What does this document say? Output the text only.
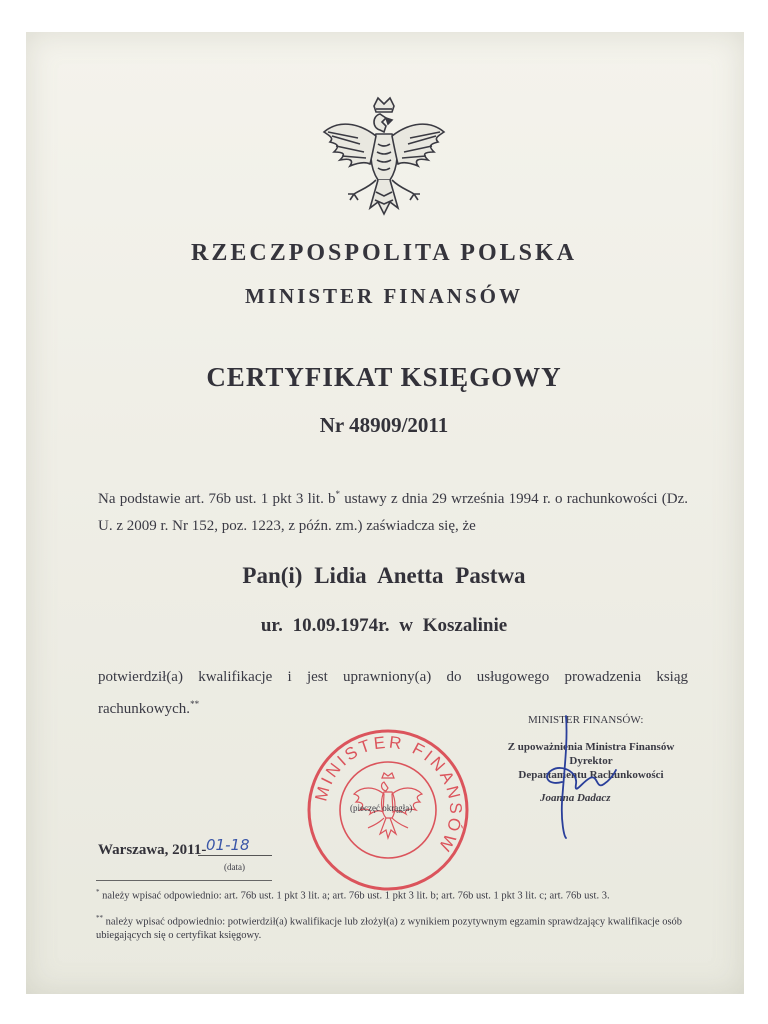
RZECZPOSPOLITA POLSKA
MINISTER FINANSÓW
CERTYFIKAT KSIĘGOWY
Nr 48909/2011
Na podstawie art. 76b ust. 1 pkt 3 lit. b* ustawy z dnia 29 września 1994 r. o rachunkowości (Dz. U. z 2009 r. Nr 152, poz. 1223, z późn. zm.) zaświadcza się, że
Pan(i) Lidia Anetta Pastwa
ur. 10.09.1974r. w Koszalinie
potwierdził(a) kwalifikacje i jest uprawniony(a) do usługowego prowadzenia ksiąg rachunkowych.**
MINISTER FINANSÓW:
Z upoważnienia Ministra Finansów
Dyrektor
Departamentu Rachunkowości
Joanna Dadacz
MINISTER FINANSÓW
(pieczęć okrągła)
Warszawa, 2011- 01-18
(data)
* należy wpisać odpowiednio: art. 76b ust. 1 pkt 3 lit. a; art. 76b ust. 1 pkt 3 lit. b; art. 76b ust. 1 pkt 3 lit. c; art. 76b ust. 3.
** należy wpisać odpowiednio: potwierdził(a) kwalifikacje lub złożył(a) z wynikiem pozytywnym egzamin sprawdzający kwalifikacje osób ubiegających się o certyfikat księgowy.
